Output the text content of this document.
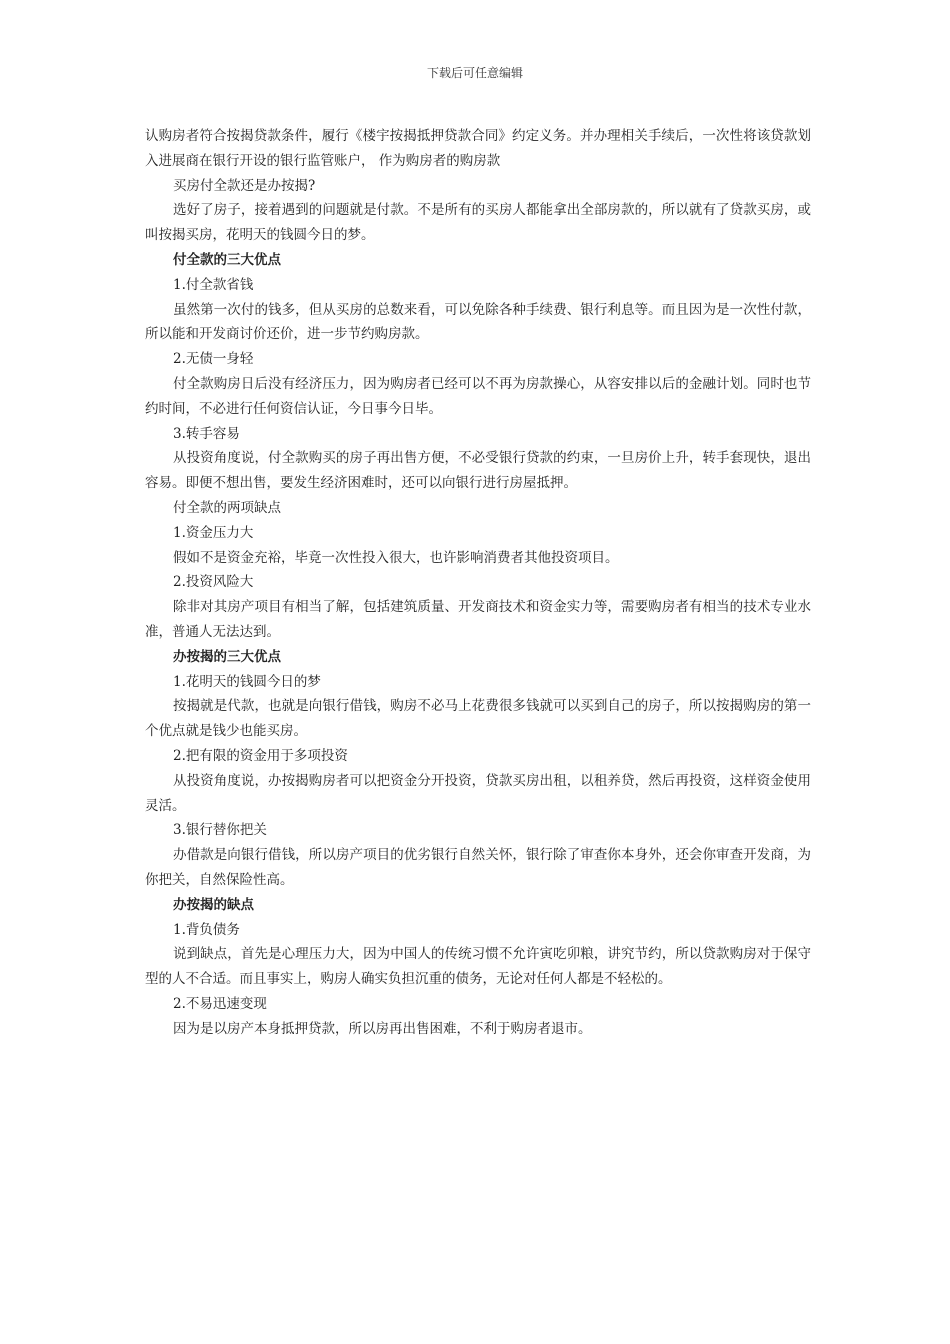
下载后可任意编辑

认购房者符合按揭贷款条件，履行《楼宇按揭抵押贷款合同》约定义务。并办理相关手续后，一次性将该贷款划入进展商在银行开设的银行监管账户， 作为购房者的购房款

买房付全款还是办按揭?

选好了房子，接着遇到的问题就是付款。不是所有的买房人都能拿出全部房款的，所以就有了贷款买房，或叫按揭买房，花明天的钱圆今日的梦。

付全款的三大优点

1.付全款省钱

虽然第一次付的钱多，但从买房的总数来看，可以免除各种手续费、银行利息等。而且因为是一次性付款，所以能和开发商讨价还价，进一步节约购房款。

2.无债一身轻

付全款购房日后没有经济压力，因为购房者已经可以不再为房款操心，从容安排以后的金融计划。同时也节约时间，不必进行任何资信认证，今日事今日毕。

3.转手容易

从投资角度说，付全款购买的房子再出售方便，不必受银行贷款的约束，一旦房价上升，转手套现快，退出容易。即便不想出售，要发生经济困难时，还可以向银行进行房屋抵押。

付全款的两项缺点

1.资金压力大

假如不是资金充裕，毕竟一次性投入很大，也许影响消费者其他投资项目。

2.投资风险大

除非对其房产项目有相当了解，包括建筑质量、开发商技术和资金实力等，需要购房者有相当的技术专业水准，普通人无法达到。

办按揭的三大优点

1.花明天的钱圆今日的梦

按揭就是代款，也就是向银行借钱，购房不必马上花费很多钱就可以买到自己的房子，所以按揭购房的第一个优点就是钱少也能买房。

2.把有限的资金用于多项投资

从投资角度说，办按揭购房者可以把资金分开投资，贷款买房出租，以租养贷，然后再投资，这样资金使用灵活。

3.银行替你把关

办借款是向银行借钱，所以房产项目的优劣银行自然关怀，银行除了审查你本身外，还会你审查开发商，为你把关，自然保险性高。

办按揭的缺点

1.背负债务

说到缺点，首先是心理压力大，因为中国人的传统习惯不允许寅吃卯粮，讲究节约，所以贷款购房对于保守型的人不合适。而且事实上，购房人确实负担沉重的债务，无论对任何人都是不轻松的。

2.不易迅速变现

因为是以房产本身抵押贷款，所以房再出售困难，不利于购房者退市。
